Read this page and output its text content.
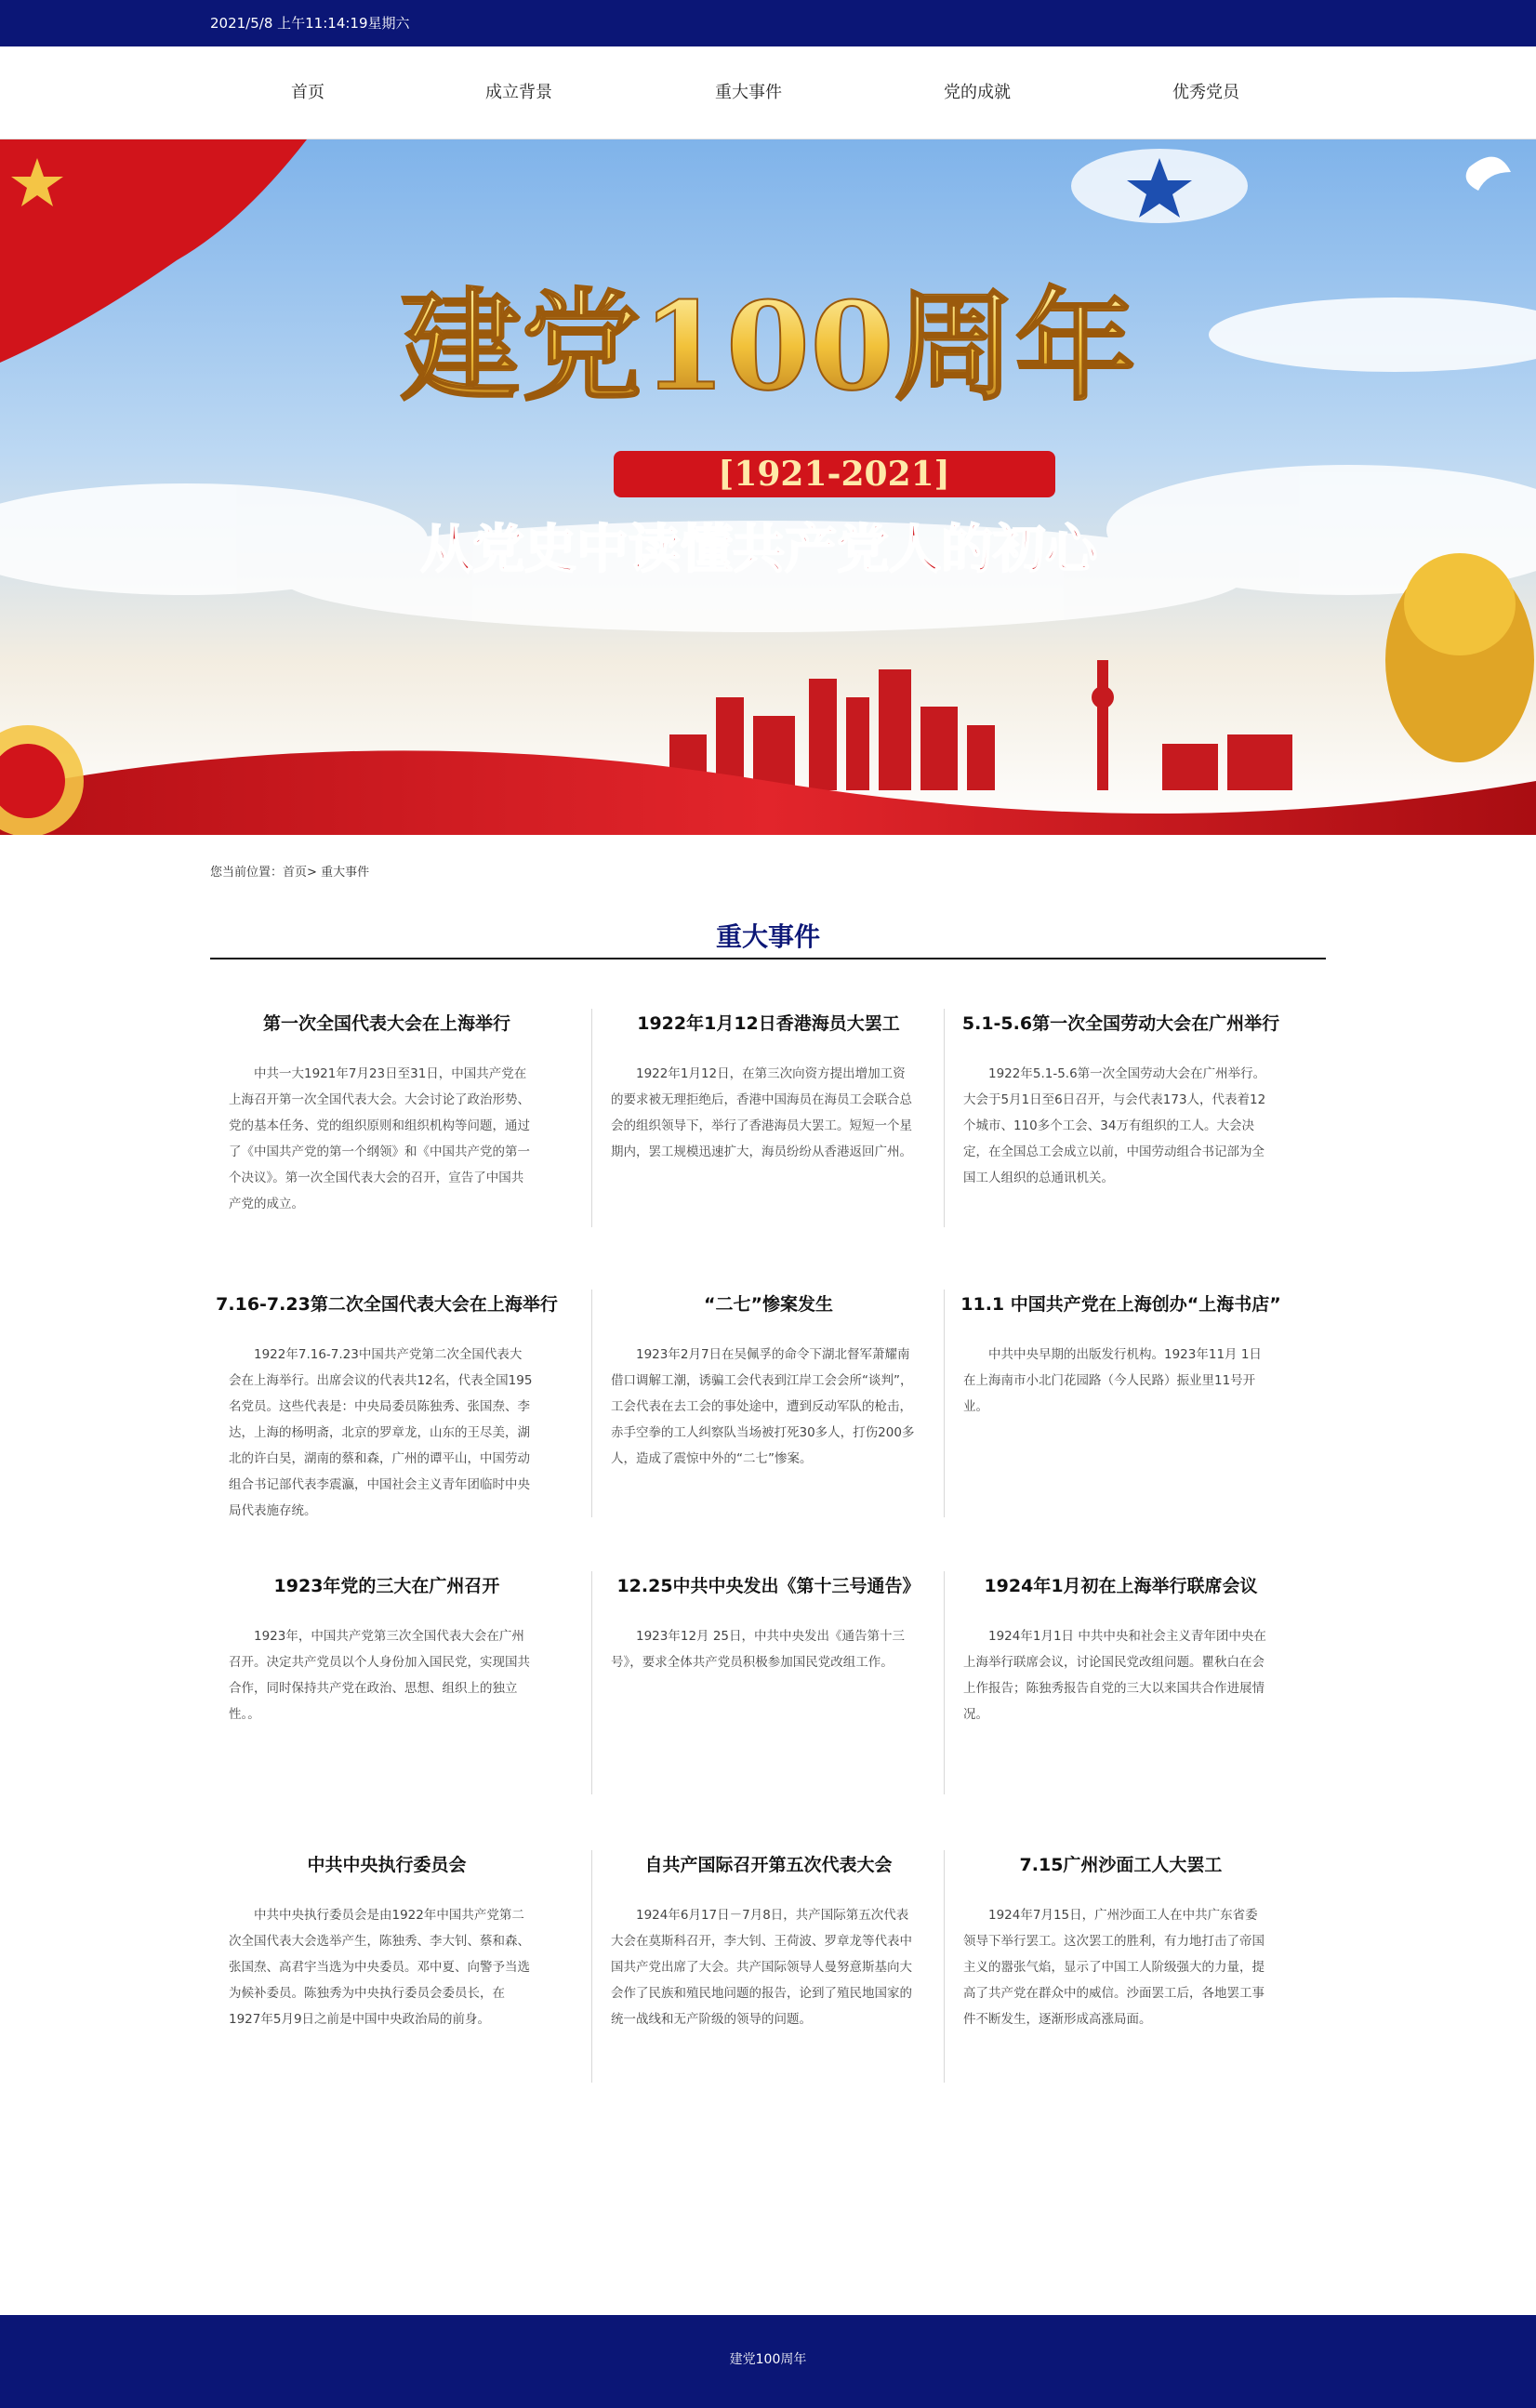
2021/5/8 上午11:14:19星期六
首页	成立背景	重大事件	党的成就	优秀党员
建党100周年
[1921-2021]
从党史中读懂共产党人的初心
您当前位置：首页> 重大事件
重大事件
第一次全国代表大会在上海举行

中共一大1921年7月23日至31日，中国共产党在上海召开第一次全国代表大会。大会讨论了政治形势、党的基本任务、党的组织原则和组织机构等问题，通过了《中国共产党的第一个纲领》和《中国共产党的第一个决议》。第一次全国代表大会的召开，宣告了中国共产党的成立。

1922年1月12日香港海员大罢工

1922年1月12日，在第三次向资方提出增加工资的要求被无理拒绝后，香港中国海员在海员工会联合总会的组织领导下，举行了香港海员大罢工。短短一个星期内，罢工规模迅速扩大，海员纷纷从香港返回广州。

5.1-5.6第一次全国劳动大会在广州举行

1922年5.1-5.6第一次全国劳动大会在广州举行。大会于5月1日至6日召开，与会代表173人，代表着12个城市、110多个工会、34万有组织的工人。大会决定，在全国总工会成立以前，中国劳动组合书记部为全国工人组织的总通讯机关。

7.16-7.23第二次全国代表大会在上海举行

1922年7.16-7.23中国共产党第二次全国代表大会在上海举行。出席会议的代表共12名，代表全国195名党员。这些代表是：中央局委员陈独秀、张国焘、李达，上海的杨明斋，北京的罗章龙，山东的王尽美，湖北的许白昊，湖南的蔡和森，广州的谭平山，中国劳动组合书记部代表李震瀛，中国社会主义青年团临时中央局代表施存统。

“二七”惨案发生

1923年2月7日在吴佩孚的命令下湖北督军萧耀南借口调解工潮，诱骗工会代表到江岸工会会所“谈判”，工会代表在去工会的事处途中，遭到反动军队的枪击，赤手空拳的工人纠察队当场被打死30多人，打伤200多人，造成了震惊中外的“二七”惨案。

11.1 中国共产党在上海创办“上海书店”

中共中央早期的出版发行机构。1923年11月 1日在上海南市小北门花园路（今人民路）振业里11号开业。

1923年党的三大在广州召开

1923年，中国共产党第三次全国代表大会在广州召开。决定共产党员以个人身份加入国民党，实现国共合作，同时保持共产党在政治、思想、组织上的独立性。。

12.25中共中央发出《第十三号通告》

1923年12月 25日，中共中央发出《通告第十三号》，要求全体共产党员积极参加国民党改组工作。

1924年1月初在上海举行联席会议

1924年1月1日 中共中央和社会主义青年团中央在上海举行联席会议，讨论国民党改组问题。瞿秋白在会上作报告；陈独秀报告自党的三大以来国共合作进展情况。

中共中央执行委员会

中共中央执行委员会是由1922年中国共产党第二次全国代表大会选举产生，陈独秀、李大钊、蔡和森、张国焘、高君宇当选为中央委员。邓中夏、向警予当选为候补委员。陈独秀为中央执行委员会委员长，在1927年5月9日之前是中国中央政治局的前身。

自共产国际召开第五次代表大会

1924年6月17日－7月8日，共产国际第五次代表大会在莫斯科召开，李大钊、王荷波、罗章龙等代表中国共产党出席了大会。共产国际领导人曼努意斯基向大会作了民族和殖民地问题的报告，论到了殖民地国家的统一战线和无产阶级的领导的问题。

7.15广州沙面工人大罢工

1924年7月15日，广州沙面工人在中共广东省委领导下举行罢工。这次罢工的胜利，有力地打击了帝国主义的嚣张气焰，显示了中国工人阶级强大的力量，提高了共产党在群众中的威信。沙面罢工后，各地罢工事件不断发生，逐渐形成高涨局面。

建党100周年
